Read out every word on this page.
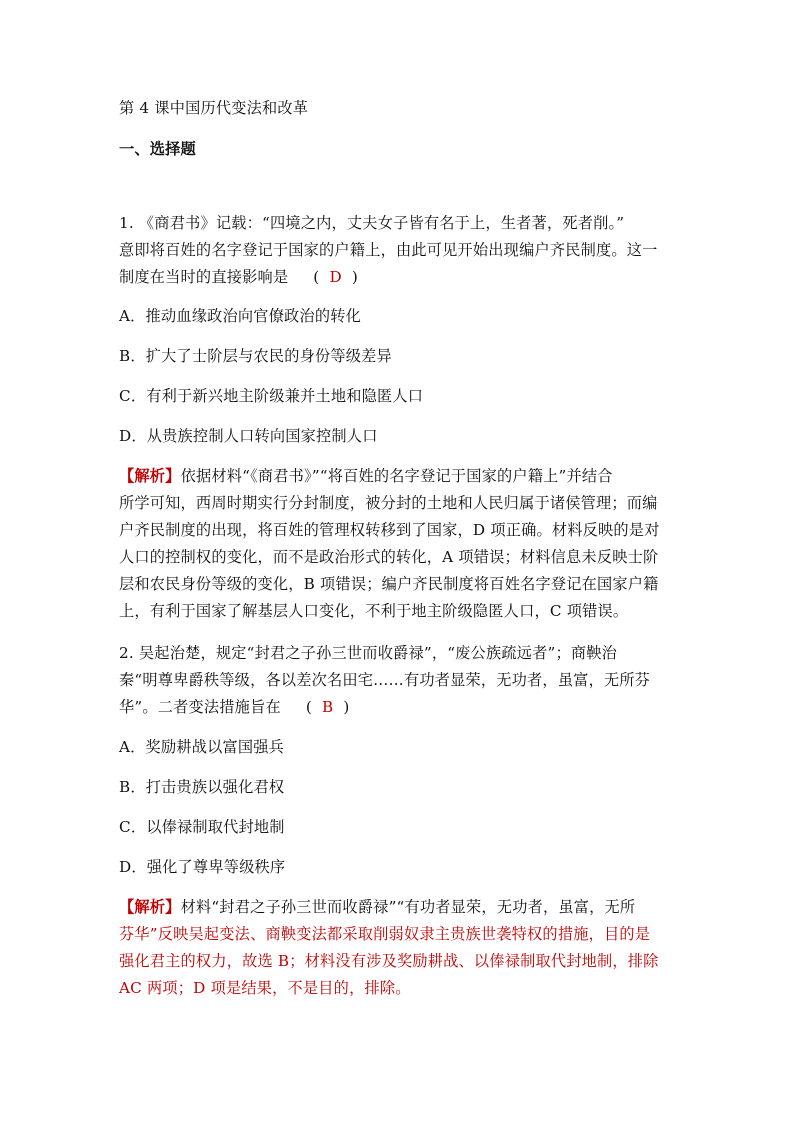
第 4 课中国历代变法和改革
一、选择题
1. 《商君书》记载：“四境之内，丈夫女子皆有名于上，生者著，死者削。”
意即将百姓的名字登记于国家的户籍上，由此可见开始出现编户齐民制度。这一
制度在当时的直接影响是 ( D )
A．推动血缘政治向官僚政治的转化
B．扩大了士阶层与农民的身份等级差异
C．有利于新兴地主阶级兼并土地和隐匿人口
D．从贵族控制人口转向国家控制人口
【解析】依据材料“《商君书》”“将百姓的名字登记于国家的户籍上”并结合
所学可知，西周时期实行分封制度，被分封的土地和人民归属于诸侯管理；而编
户齐民制度的出现，将百姓的管理权转移到了国家，D 项正确。材料反映的是对
人口的控制权的变化，而不是政治形式的转化，A 项错误；材料信息未反映士阶
层和农民身份等级的变化，B 项错误；编户齐民制度将百姓名字登记在国家户籍
上，有利于国家了解基层人口变化，不利于地主阶级隐匿人口，C 项错误。
2. 吴起治楚，规定“封君之子孙三世而收爵禄”，“废公族疏远者”；商鞅治
秦“明尊卑爵秩等级，各以差次名田宅……有功者显荣，无功者，虽富，无所芬
华”。二者变法措施旨在 ( B )
A．奖励耕战以富国强兵
B．打击贵族以强化君权
C．以俸禄制取代封地制
D．强化了尊卑等级秩序
【解析】材料“封君之子孙三世而收爵禄”“有功者显荣，无功者，虽富，无所
芬华”反映吴起变法、商鞅变法都采取削弱奴隶主贵族世袭特权的措施，目的是
强化君主的权力，故选 B；材料没有涉及奖励耕战、以俸禄制取代封地制，排除
AC 两项；D 项是结果，不是目的，排除。
